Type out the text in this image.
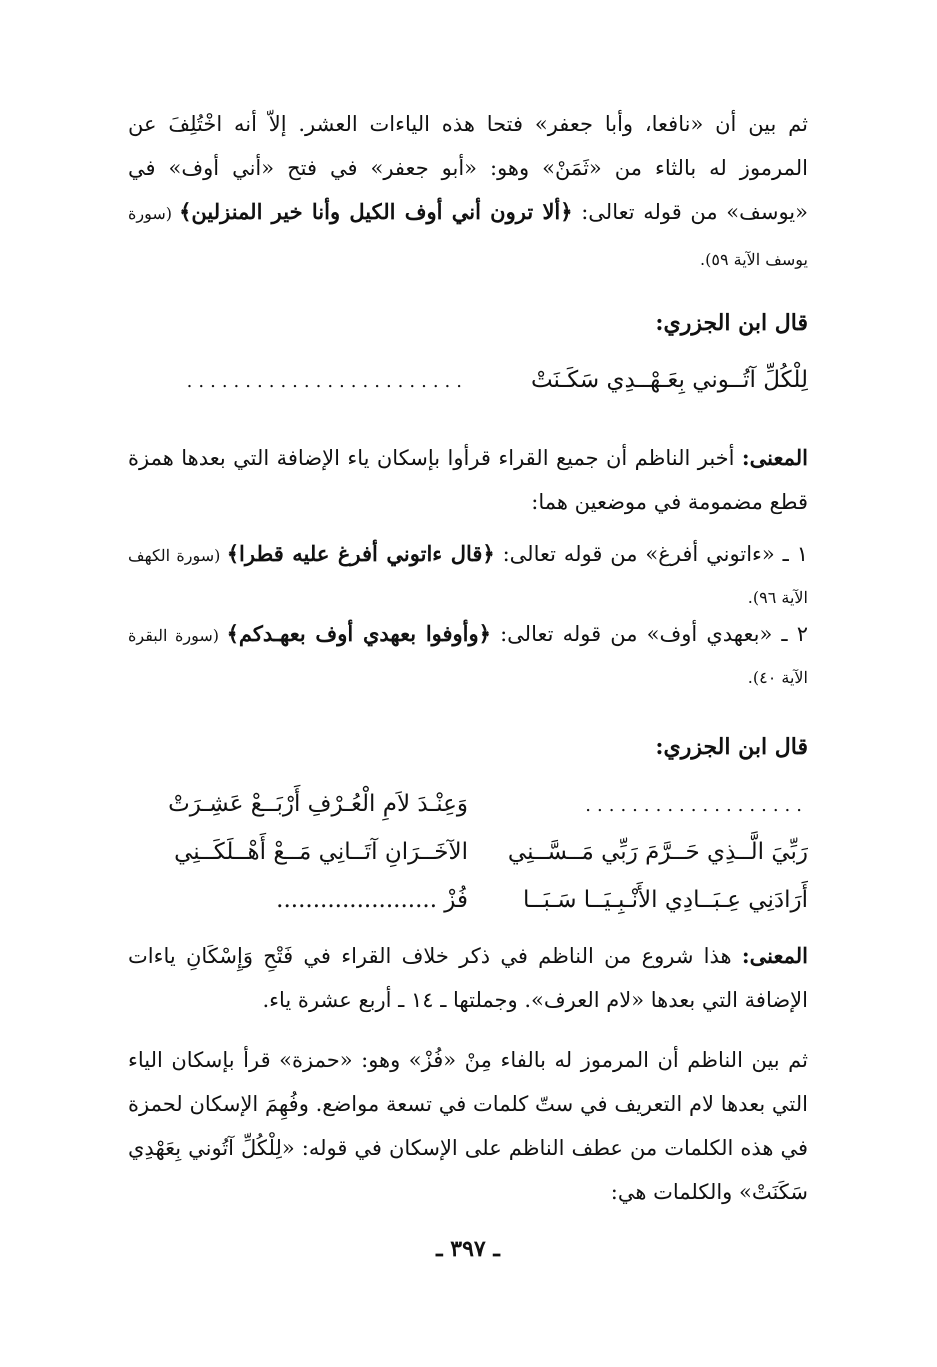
ثم بين أن «نافعا، وأبا جعفر» فتحا هذه الياءات العشر. إلاّ أنه اخْتُلِفَ عن المرموز له بالثاء من «ثَمَنْ» وهو: «أبو جعفر» في فتح «أني أوف» في «يوسف» من قوله تعالى: ﴿ألا ترون أني أوف الكيل وأنا خير المنزلين﴾ (سورة يوسف الآية ٥٩).

قال ابن الجزري:
لِلْكُلِّ آتُــوني بِعَـهْــدِي سَكَـنَتْ
........................

المعنى: أخبر الناظم أن جميع القراء قرأوا بإسكان ياء الإضافة التي بعدها همزة قطع مضمومة في موضعين هما:

١ ـ «ءاتوني أفرغ» من قوله تعالى: ﴿قال ءاتوني أفرغ عليه قطرا﴾ (سورة الكهف الآية ٩٦).

٢ ـ «بعهدي أوف» من قوله تعالى: ﴿وأوفوا بعهدي أوف بعهـدكم﴾ (سورة البقرة الآية ٤٠).

قال ابن الجزري:
...................
وَعِنْـدَ لاَمِ الْعُـرْفِ أَرْبَــعْ عَشِـرَتْ
رَبِّيَ الَّــذِي حَــرَّمَ رَبِّي مَــسَّــنِي
الآخَــرَانِ آتَــانِي مَــعْ أَهْــلَكَــنِي
أَرَادَنِي عِـبَــادِي الأَنْـبِـيَــا سَـبَــا
فُزْ ......................

المعنى: هذا شروع من الناظم في ذكر خلاف القراء في فَتْحِ وَإِسْكَانِ ياءات الإضافة التي بعدها «لام العرف». وجملتها ـ ١٤ ـ أربع عشرة ياء.

ثم بين الناظم أن المرموز له بالفاء مِنْ «فُزْ» وهو: «حمزة» قرأ بإسكان الياء التي بعدها لام التعريف في ستّ كلمات في تسعة مواضع. وفُهِمَ الإسكان لحمزة في هذه الكلمات من عطف الناظم على الإسكان في قوله: «لِلْكُلِّ آتُوني بِعَهْدِي سَكَنَتْ» والكلمات هي:

ـ ٣٩٧ ـ
